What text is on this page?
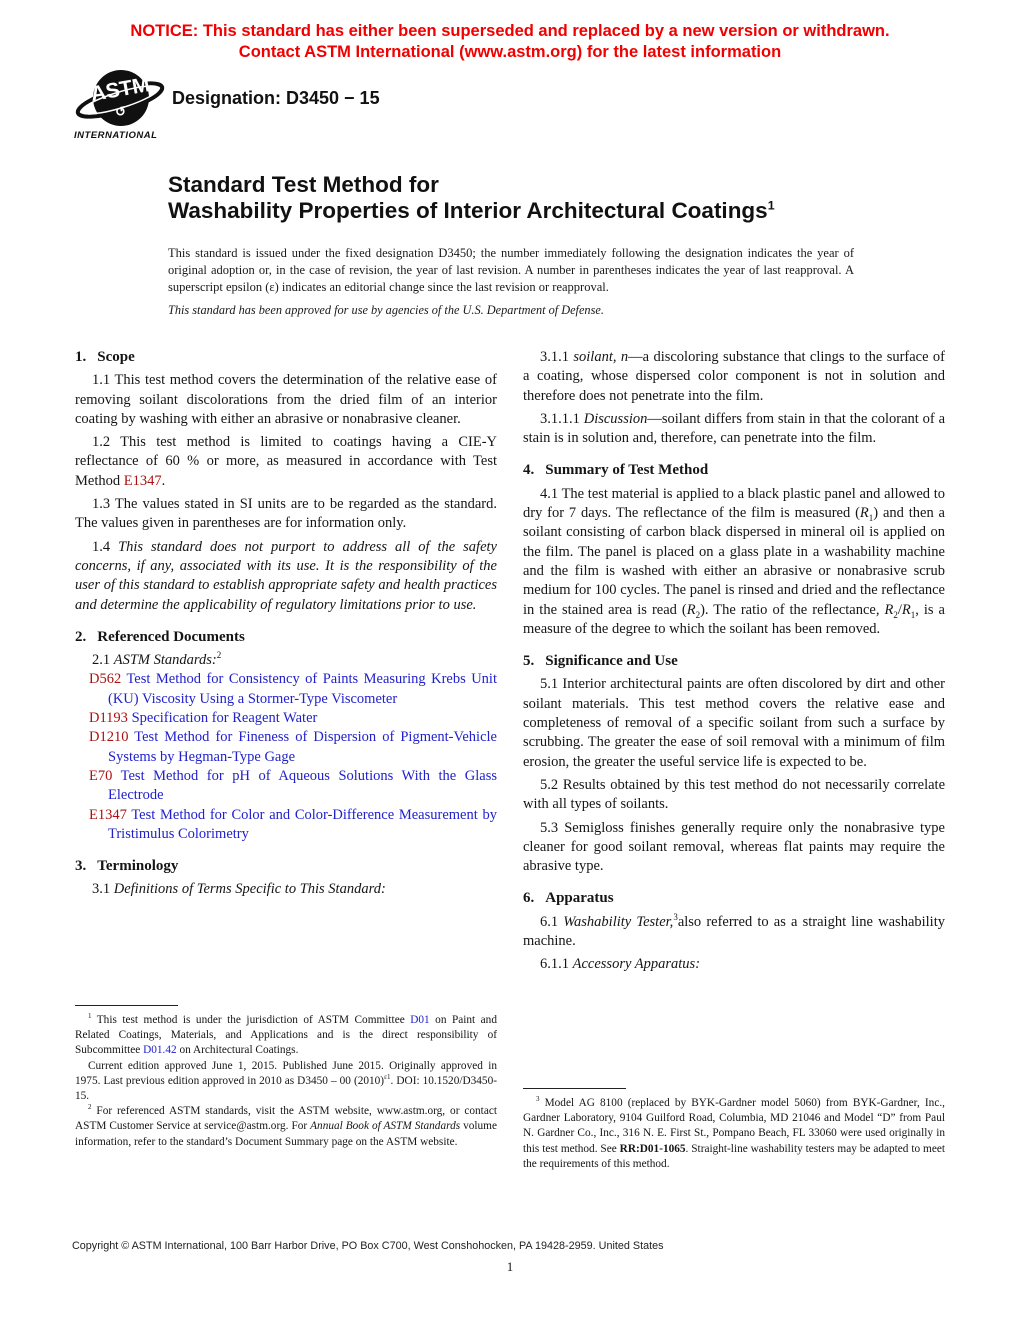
NOTICE: This standard has either been superseded and replaced by a new version or withdrawn.
Contact ASTM International (www.astm.org) for the latest information
ASTM
↺
INTERNATIONAL
Designation: D3450 − 15
Standard Test Method for
Washability Properties of Interior Architectural Coatings$^1$
This standard is issued under the fixed designation D3450; the number immediately following the designation indicates the year of original adoption or, in the case of revision, the year of last revision. A number in parentheses indicates the year of last reapproval. A superscript epsilon (ε) indicates an editorial change since the last revision or reapproval.
This standard has been approved for use by agencies of the U.S. Department of Defense.
1. Scope
1.1 This test method covers the determination of the relative ease of removing soilant discolorations from the dried film of an interior coating by washing with either an abrasive or nonabrasive cleaner.
1.2 This test method is limited to coatings having a CIE-Y reflectance of 60 % or more, as measured in accordance with Test Method E1347.
1.3 The values stated in SI units are to be regarded as the standard. The values given in parentheses are for information only.
1.4 This standard does not purport to address all of the safety concerns, if any, associated with its use. It is the responsibility of the user of this standard to establish appropriate safety and health practices and determine the applicability of regulatory limitations prior to use.
2. Referenced Documents
2.1 ASTM Standards:$^2$
D562 Test Method for Consistency of Paints Measuring Krebs Unit (KU) Viscosity Using a Stormer-Type Viscometer
D1193 Specification for Reagent Water
D1210 Test Method for Fineness of Dispersion of Pigment-Vehicle Systems by Hegman-Type Gage
E70 Test Method for pH of Aqueous Solutions With the Glass Electrode
E1347 Test Method for Color and Color-Difference Measurement by Tristimulus Colorimetry
3. Terminology
3.1 Definitions of Terms Specific to This Standard:
3.1.1 soilant, n—a discoloring substance that clings to the surface of a coating, whose dispersed color component is not in solution and therefore does not penetrate into the film.
3.1.1.1 Discussion—soilant differs from stain in that the colorant of a stain is in solution and, therefore, can penetrate into the film.
4. Summary of Test Method
4.1 The test material is applied to a black plastic panel and allowed to dry for 7 days. The reflectance of the film is measured $(R_1)$ and then a soilant consisting of carbon black dispersed in mineral oil is applied on the film. The panel is placed on a glass plate in a washability machine and the film is washed with either an abrasive or nonabrasive scrub medium for 100 cycles. The panel is rinsed and dried and the reflectance in the stained area is read $(R_2)$. The ratio of the reflectance, $R_2/R_1$, is a measure of the degree to which the soilant has been removed.
5. Significance and Use
5.1 Interior architectural paints are often discolored by dirt and other soilant materials. This test method covers the relative ease and completeness of removal of a specific soilant from such a surface by scrubbing. The greater the ease of soil removal with a minimum of film erosion, the greater the useful service life is expected to be.
5.2 Results obtained by this test method do not necessarily correlate with all types of soilants.
5.3 Semigloss finishes generally require only the nonabrasive type cleaner for good soilant removal, whereas flat paints may require the abrasive type.
6. Apparatus
6.1 Washability Tester,$^3$also referred to as a straight line washability machine.
6.1.1 Accessory Apparatus:
$^1$ This test method is under the jurisdiction of ASTM Committee D01 on Paint and Related Coatings, Materials, and Applications and is the direct responsibility of Subcommittee D01.42 on Architectural Coatings.
Current edition approved June 1, 2015. Published June 2015. Originally approved in 1975. Last previous edition approved in 2010 as D3450 – 00 $(2010)^{\varepsilon 1}$. DOI: 10.1520/D3450-15.
$^2$ For referenced ASTM standards, visit the ASTM website, www.astm.org, or contact ASTM Customer Service at service@astm.org. For Annual Book of ASTM Standards volume information, refer to the standard’s Document Summary page on the ASTM website.
$^3$ Model AG 8100 (replaced by BYK-Gardner model 5060) from BYK-Gardner, Inc., Gardner Laboratory, 9104 Guilford Road, Columbia, MD 21046 and Model “D” from Paul N. Gardner Co., Inc., 316 N. E. First St., Pompano Beach, FL 33060 were used originally in this test method. See RR:D01-1065. Straight-line washability testers may be adapted to meet the requirements of this method.
Copyright © ASTM International, 100 Barr Harbor Drive, PO Box C700, West Conshohocken, PA 19428-2959. United States
1
